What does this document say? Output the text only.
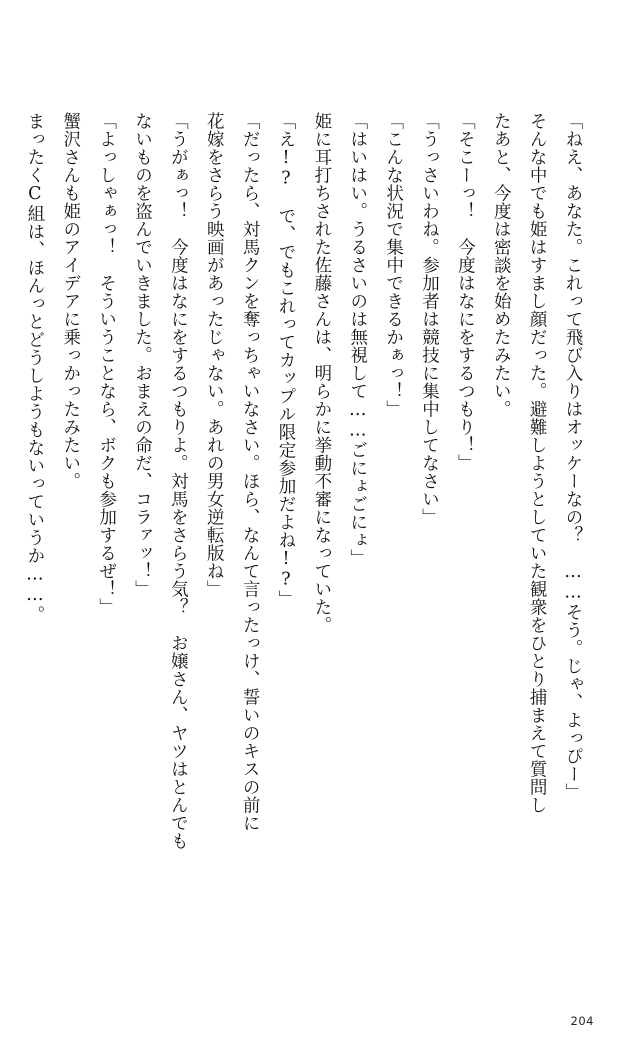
「ねえ、あなた。これって飛び入りはオッケーなの？　……そう。じゃ、よっぴー」

そんな中でも姫はすまし顔だった。避難しようとしていた観衆をひとり捕まえて質問し

たあと、今度は密談を始めたみたい。

「そこーっ！　今度はなにをするつもり！」

「うっさいわね。参加者は競技に集中してなさい」

「こんな状況で集中できるかぁっ！」

「はいはい。うるさいのは無視して……ごにょごにょ」

姫に耳打ちされた佐藤さんは、明らかに挙動不審になっていた。

「え!?　で、でもこれってカップル限定参加だよね!?」

「だったら、対馬クンを奪っちゃいなさい。ほら、なんて言ったっけ、誓いのキスの前に

花嫁をさらう映画があったじゃない。あれの男女逆転版ね」

「うがぁっ！　今度はなにをするつもりよ。対馬をさらう気？　お嬢さん、ヤツはとんでも

ないものを盗んでいきました。おまえの命だ、コラァッ！」

「よっしゃぁっ！　そういうことなら、ボクも参加するぜ！」

蟹沢さんも姫のアイデアに乗っかったみたい。

まったくC組は、ほんっとどうしようもないっていうか……。

204
